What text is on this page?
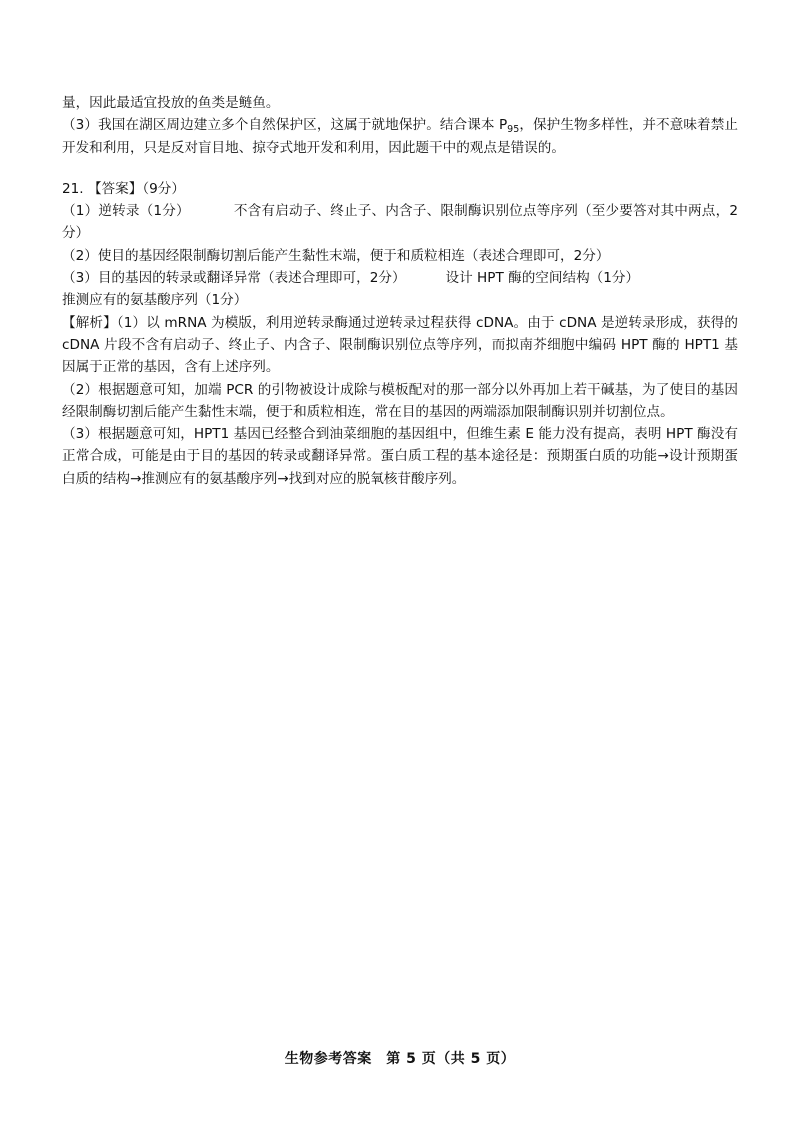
量，因此最适宜投放的鱼类是鲢鱼。

（3）我国在湖区周边建立多个自然保护区，这属于就地保护。结合课本 $P_{95}$，保护生物多样性，并不意味着禁止开发和利用，只是反对盲目地、掠夺式地开发和利用，因此题干中的观点是错误的。

21. 【答案】（9分）

（1）逆转录（1分）	不含有启动子、终止子、内含子、限制酶识别位点等序列（至少要答对其中两点，2分）

（2）使目的基因经限制酶切割后能产生黏性末端，便于和质粒相连（表述合理即可，2分）

（3）目的基因的转录或翻译异常（表述合理即可，2分）	设计 HPT 酶的空间结构（1分）

推测应有的氨基酸序列（1分）

【解析】（1）以 mRNA 为模版，利用逆转录酶通过逆转录过程获得 cDNA。由于 cDNA 是逆转录形成，获得的 cDNA 片段不含有启动子、终止子、内含子、限制酶识别位点等序列，而拟南芥细胞中编码 HPT 酶的 HPT1 基因属于正常的基因，含有上述序列。

（2）根据题意可知，加端 PCR 的引物被设计成除与模板配对的那一部分以外再加上若干碱基，为了使目的基因经限制酶切割后能产生黏性末端，便于和质粒相连，常在目的基因的两端添加限制酶识别并切割位点。

（3）根据题意可知，HPT1 基因已经整合到油菜细胞的基因组中，但维生素 E 能力没有提高，表明 HPT 酶没有正常合成，可能是由于目的基因的转录或翻译异常。蛋白质工程的基本途径是：预期蛋白质的功能→设计预期蛋白质的结构→推测应有的氨基酸序列→找到对应的脱氧核苷酸序列。

生物参考答案　第 5 页（共 5 页）
